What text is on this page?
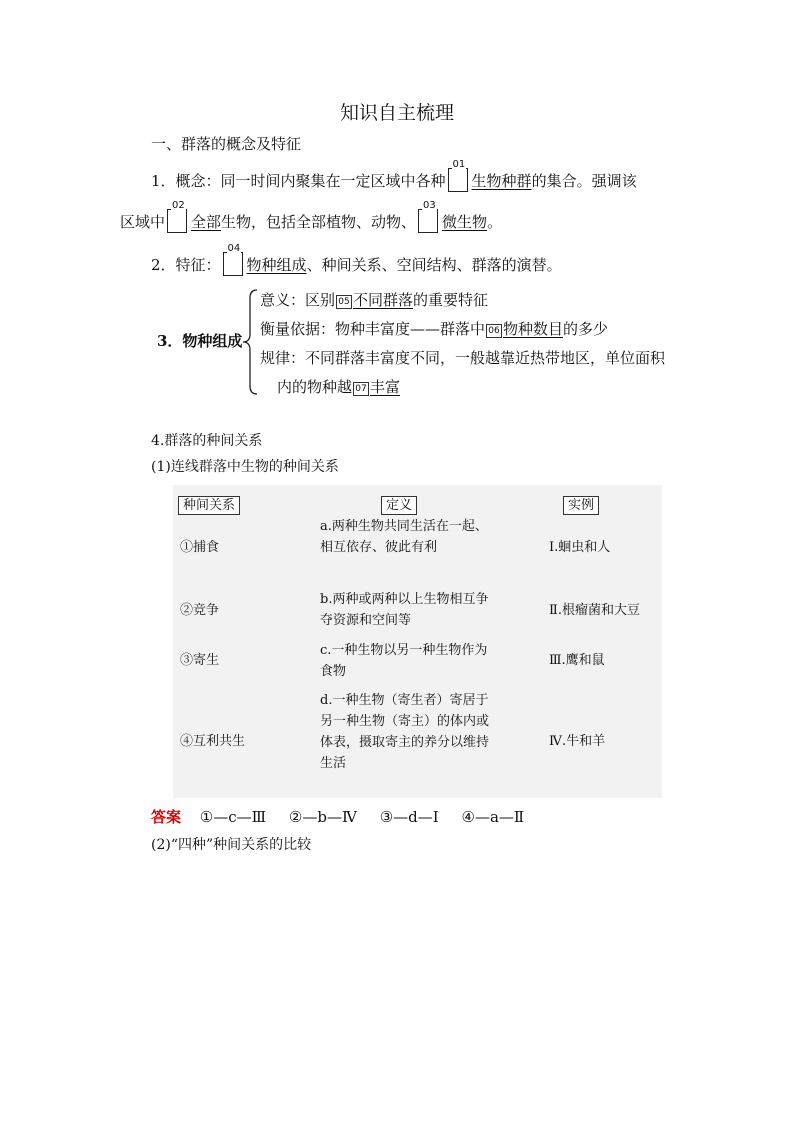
知识自主梳理
一、群落的概念及特征
1．概念：同一时间内聚集在一定区域中各种
01
生物种群的集合。强调该
区域中
02
全部生物，包括全部植物、动物、
03
微生物。
2．特征：
04
物种组成、种间关系、空间结构、群落的演替。
3．物种组成
意义：区别 05 不同群落的重要特征
衡量依据：物种丰富度——群落中 06 物种数目的多少
规律：不同群落丰富度不同，一般越靠近热带地区，单位面积
内的物种越 07 丰富
4.群落的种间关系
(1)连线群落中生物的种间关系
种间关系	定义	实例
①捕食
②竞争
③寄生
④互利共生
a.两种生物共同生活在一起、相互依存、彼此有利
b.两种或两种以上生物相互争夺资源和空间等
c.一种生物以另一种生物作为食物
d.一种生物（寄生者）寄居于另一种生物（寄主）的体内或体表，摄取寄主的养分以维持生活
Ⅰ.蛔虫和人
Ⅱ.根瘤菌和大豆
Ⅲ.鹰和鼠
Ⅳ.牛和羊
答案 ①—c—Ⅲ ②—b—Ⅳ ③—d—Ⅰ ④—a—Ⅱ
(2)“四种”种间关系的比较
